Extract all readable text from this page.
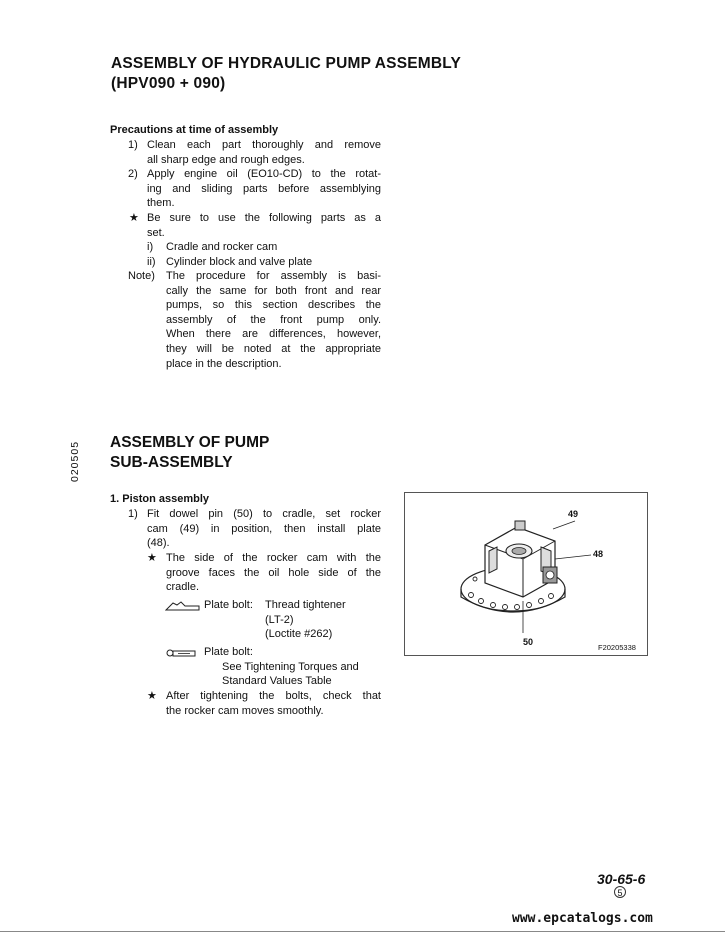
ASSEMBLY OF HYDRAULIC PUMP ASSEMBLY
(HPV090 + 090)
Precautions at time of assembly
1) Clean each part thoroughly and remove
all sharp edge and rough edges.
2) Apply engine oil (EO10-CD) to the rotat-
ing and sliding parts before assemblying
them.
★ Be sure to use the following parts as a
set.
i) Cradle and rocker cam
ii) Cylinder block and valve plate
Note) The procedure for assembly is basi-
cally the same for both front and rear
pumps, so this section describes the
assembly of the front pump only.
When there are differences, however,
they will be noted at the appropriate
place in the description.
020505 ASSEMBLY OF PUMP
SUB-ASSEMBLY
1. Piston assembly
1) Fit dowel pin (50) to cradle, set rocker
cam (49) in position, then install plate
(48).
★ The side of the rocker cam with the
groove faces the oil hole side of the
cradle.
Plate bolt: Thread tightener
(LT-2)
(Loctite #262)
Plate bolt:
See Tightening Torques and
Standard Values Table
★ After tightening the bolts, check that
the rocker cam moves smoothly.
49
48
50
F20205338
30-65-6
5
www.epcatalogs.com
